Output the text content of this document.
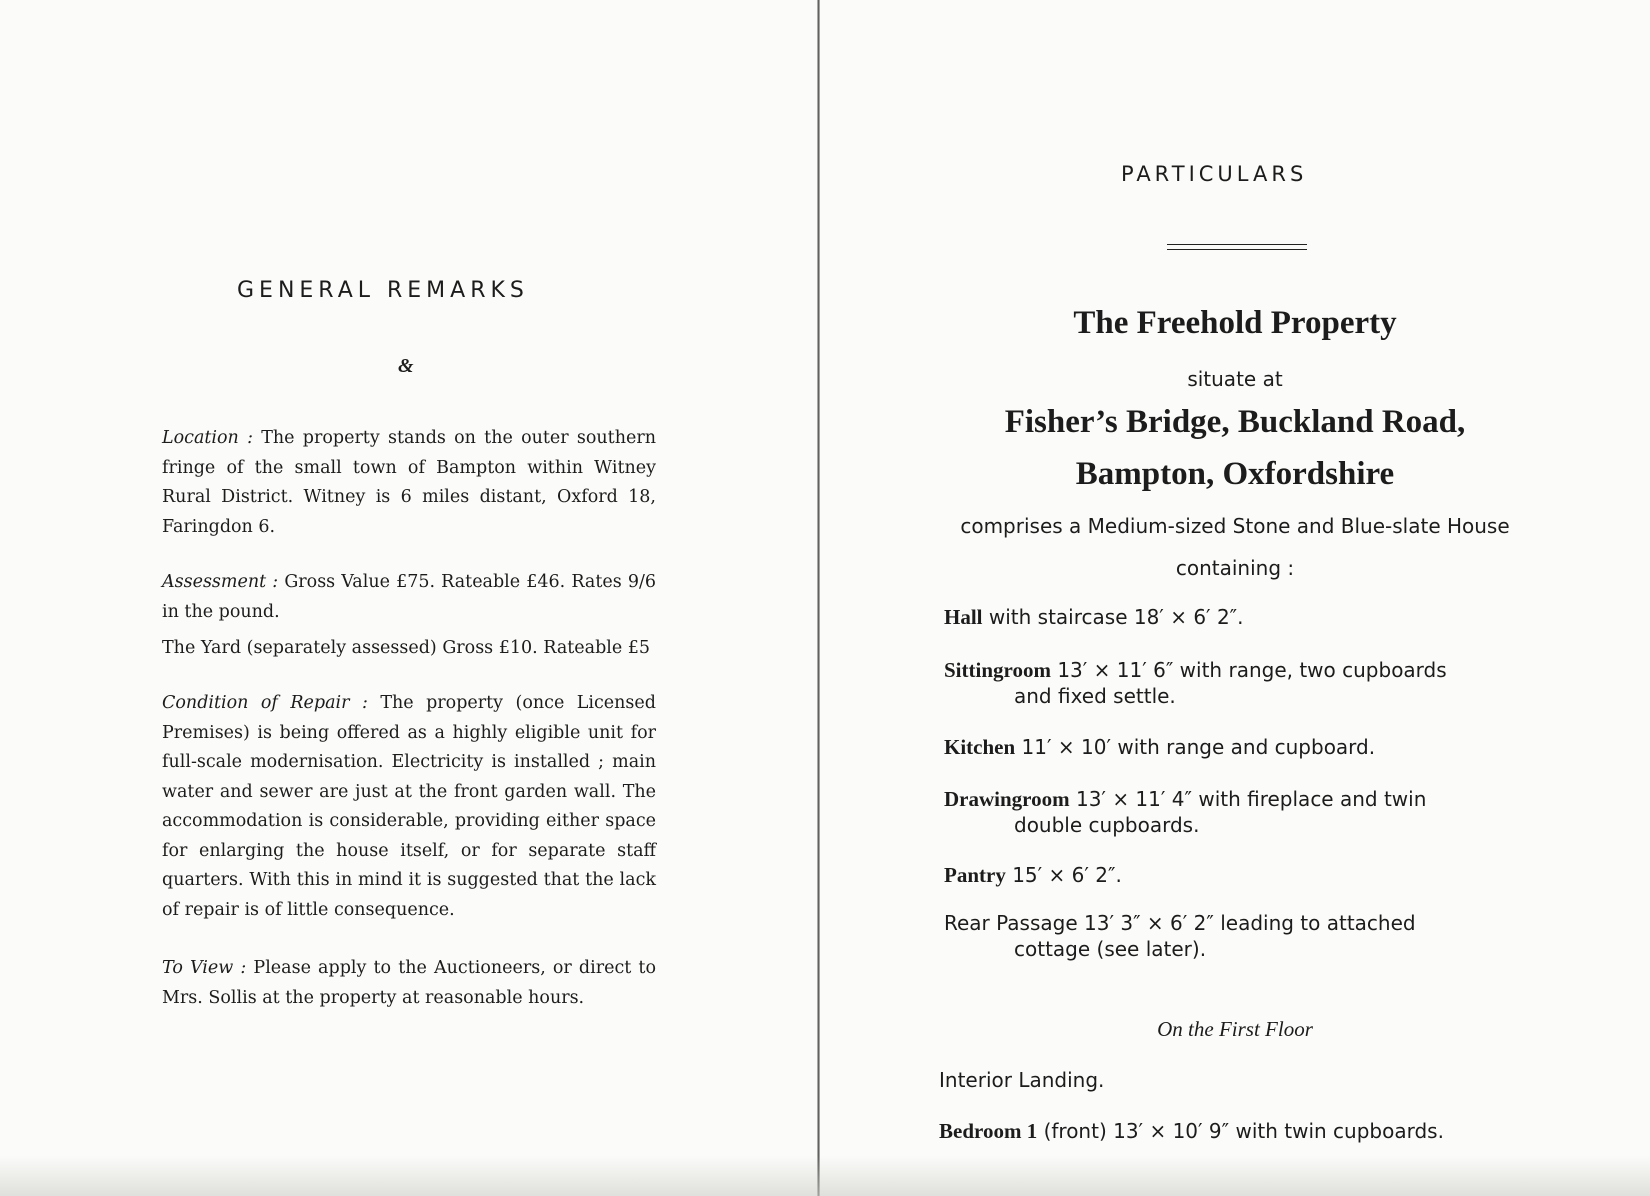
GENERAL REMARKS
&
Location : The property stands on the outer southern fringe of the small town of Bampton within Witney Rural District. Witney is 6 miles distant, Oxford 18, Faringdon 6.
Assessment : Gross Value £75. Rateable £46. Rates 9/6 in the pound.
The Yard (separately assessed) Gross £10. Rateable £5
Condition of Repair : The property (once Licensed Premises) is being offered as a highly eligible unit for full-scale modernisation. Electricity is installed ; main water and sewer are just at the front garden wall. The accommodation is considerable, providing either space for enlarging the house itself, or for separate staff quarters. With this in mind it is suggested that the lack of repair is of little consequence.
To View : Please apply to the Auctioneers, or direct to Mrs. Sollis at the property at reasonable hours.
PARTICULARS
The Freehold Property
situate at
Fisher’s Bridge, Buckland Road,
Bampton, Oxfordshire
comprises a Medium-sized Stone and Blue-slate House
containing :
Hall with staircase 18′ × 6′ 2″.
Sittingroom 13′ × 11′ 6″ with range, two cupboards
and fixed settle.
Kitchen 11′ × 10′ with range and cupboard.
Drawingroom 13′ × 11′ 4″ with fireplace and twin
double cupboards.
Pantry 15′ × 6′ 2″.
Rear Passage 13′ 3″ × 6′ 2″ leading to attached
cottage (see later).
On the First Floor
Interior Landing.
Bedroom 1 (front) 13′ × 10′ 9″ with twin cupboards.
